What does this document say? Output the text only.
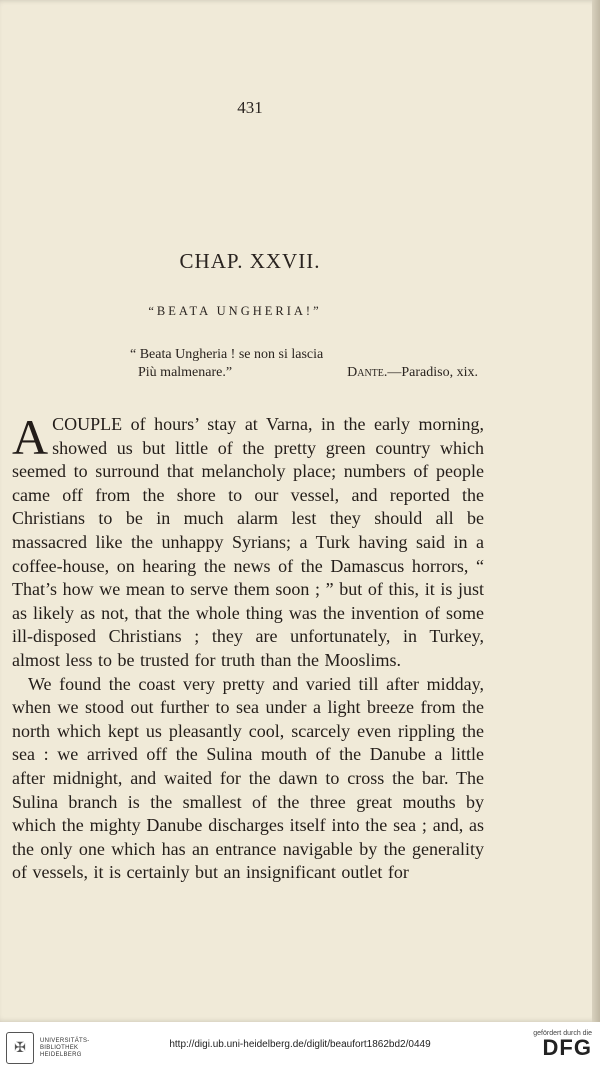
431
CHAP. XXVII.
“BEATA UNGHERIA!”
“ Beata Ungheria ! se non si lascia
Più malmenare.”	Dante.—Paradiso, xix.

ACOUPLE of hours’ stay at Varna, in the early morning, showed us but little of the pretty green country which seemed to surround that melancholy place; numbers of people came off from the shore to our vessel, and reported the Christians to be in much alarm lest they should all be massacred like the unhappy Syrians; a Turk having said in a coffee-house, on hearing the news of the Damascus horrors, “ That’s how we mean to serve them soon ; ” but of this, it is just as likely as not, that the whole thing was the invention of some ill-disposed Christians ; they are unfortunately, in Turkey, almost less to be trusted for truth than the Mooslims.

We found the coast very pretty and varied till after midday, when we stood out further to sea under a light breeze from the north which kept us pleasantly cool, scarcely even rippling the sea : we arrived off the Sulina mouth of the Danube a little after midnight, and waited for the dawn to cross the bar. The Sulina branch is the smallest of the three great mouths by which the mighty Danube discharges itself into the sea ; and, as the only one which has an entrance navigable by the generality of vessels, it is certainly but an insignificant outlet for

✠	UNIVERSITÄTS-
BIBLIOTHEK
HEIDELBERG
http://digi.ub.uni-heidelberg.de/diglit/beaufort1862bd2/0449
gefördert durch die
DFG
